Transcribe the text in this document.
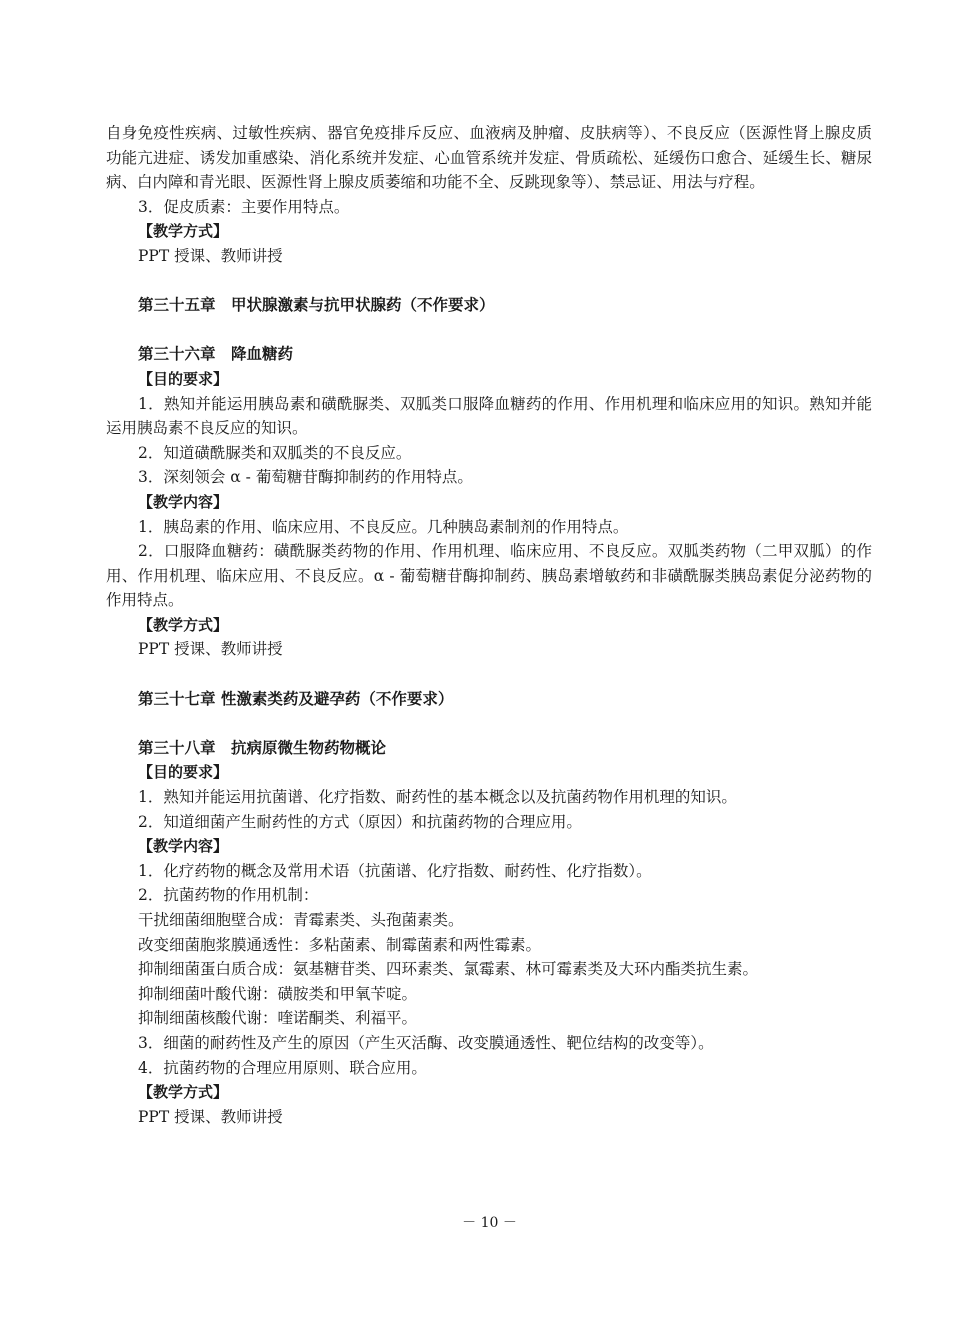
自身免疫性疾病、过敏性疾病、器官免疫排斥反应、血液病及肿瘤、皮肤病等）、不良反应（医源性肾上腺皮质功能亢进症、诱发加重感染、消化系统并发症、心血管系统并发症、骨质疏松、延缓伤口愈合、延缓生长、糖尿病、白内障和青光眼、医源性肾上腺皮质萎缩和功能不全、反跳现象等）、禁忌证、用法与疗程。

3．促皮质素：主要作用特点。

【教学方式】

PPT 授课、教师讲授

第三十五章　甲状腺激素与抗甲状腺药（不作要求）

第三十六章　降血糖药

【目的要求】

1．熟知并能运用胰岛素和磺酰脲类、双胍类口服降血糖药的作用、作用机理和临床应用的知识。熟知并能运用胰岛素不良反应的知识。

2．知道磺酰脲类和双胍类的不良反应。

3．深刻领会 α - 葡萄糖苷酶抑制药的作用特点。

【教学内容】

1．胰岛素的作用、临床应用、不良反应。几种胰岛素制剂的作用特点。

2．口服降血糖药：磺酰脲类药物的作用、作用机理、临床应用、不良反应。双胍类药物（二甲双胍）的作用、作用机理、临床应用、不良反应。α - 葡萄糖苷酶抑制药、胰岛素增敏药和非磺酰脲类胰岛素促分泌药物的作用特点。

【教学方式】

PPT 授课、教师讲授

第三十七章 性激素类药及避孕药（不作要求）

第三十八章　抗病原微生物药物概论

【目的要求】

1．熟知并能运用抗菌谱、化疗指数、耐药性的基本概念以及抗菌药物作用机理的知识。

2．知道细菌产生耐药性的方式（原因）和抗菌药物的合理应用。

【教学内容】

1．化疗药物的概念及常用术语（抗菌谱、化疗指数、耐药性、化疗指数）。

2．抗菌药物的作用机制：

干扰细菌细胞壁合成：青霉素类、头孢菌素类。

改变细菌胞浆膜通透性：多粘菌素、制霉菌素和两性霉素。

抑制细菌蛋白质合成：氨基糖苷类、四环素类、氯霉素、林可霉素类及大环内酯类抗生素。

抑制细菌叶酸代谢：磺胺类和甲氧苄啶。

抑制细菌核酸代谢：喹诺酮类、利福平。

3．细菌的耐药性及产生的原因（产生灭活酶、改变膜通透性、靶位结构的改变等）。

4．抗菌药物的合理应用原则、联合应用。

【教学方式】

PPT 授课、教师讲授

－ 10 －
